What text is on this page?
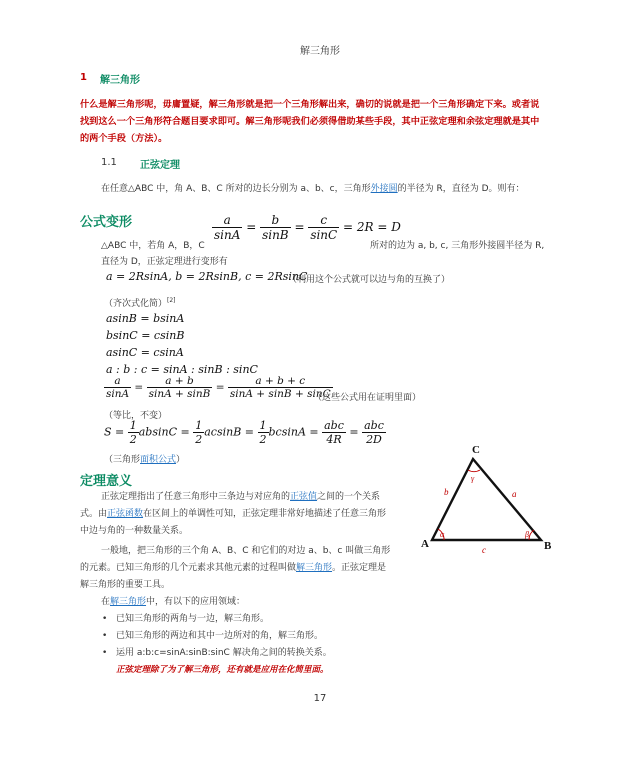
解三角形
1 解三角形
什么是解三角形呢，毋庸置疑，解三角形就是把一个三角形解出来，确切的说就是把一个三角形确定下来。或者说
找到这么一个三角形符合题目要求即可。解三角形呢我们必须得借助某些手段，其中正弦定理和余弦定理就是其中
的两个手段（方法）。
1.1 正弦定理
在任意△ABC 中，角 A、B、C 所对的边长分别为 a、b、c，三角形外接圆的半径为 R，直径为 D。则有：
公式变形	$\frac{a}{\sin A} = \frac{b}{\sin B} = \frac{c}{\sin C} = 2R = D$
△ABC 中，若角 A，B，C	所对的边为 a, b, c, 三角形外接圆半径为 R,
直径为 D，正弦定理进行变形有
a = 2RsinA, b = 2RsinB, c = 2RsinC
（利用这个公式就可以边与角的互换了）
（齐次式化简）[2]
asinB = bsinA
bsinC = csinB
asinC = csinA
a : b : c = sinA : sinB : sinC
$\frac{a}{\sin A} = \frac{a + b}{\sin A + \sin B} = \frac{a + b + c}{\sin A + \sin B + \sin C}$
（这些公式用在证明里面）
（等比，不变）
$S = \frac{1}{2}$ $absinC = \frac{1}{2}$ $acsinB = \frac{1}{2}$ $bcsinA = \frac{\text{abc}}{4R} = \frac{\text{abc}}{2D}$
（三角形面积公式）
定理意义
正弦定理指出了任意三角形中三条边与对应角的正弦值之间的一个关系
式。由正弦函数在区间上的单调性可知，正弦定理非常好地描述了任意三角形
中边与角的一种数量关系。
一般地，把三角形的三个角 A、B、C 和它们的对边 a、b、c 叫做三角形
的元素。已知三角形的几个元素求其他元素的过程叫做解三角形。正弦定理是
解三角形的重要工具。
在解三角形中，有以下的应用领域：
• 已知三角形的两角与一边，解三角形。
• 已知三角形的两边和其中一边所对的角，解三角形。
• 运用 a:b:c=sinA:sinB:sinC 解决角之间的转换关系。
正弦定理除了为了解三角形，还有就是应用在化简里面。
C
A	B
b	a
c
α	β
γ
17
